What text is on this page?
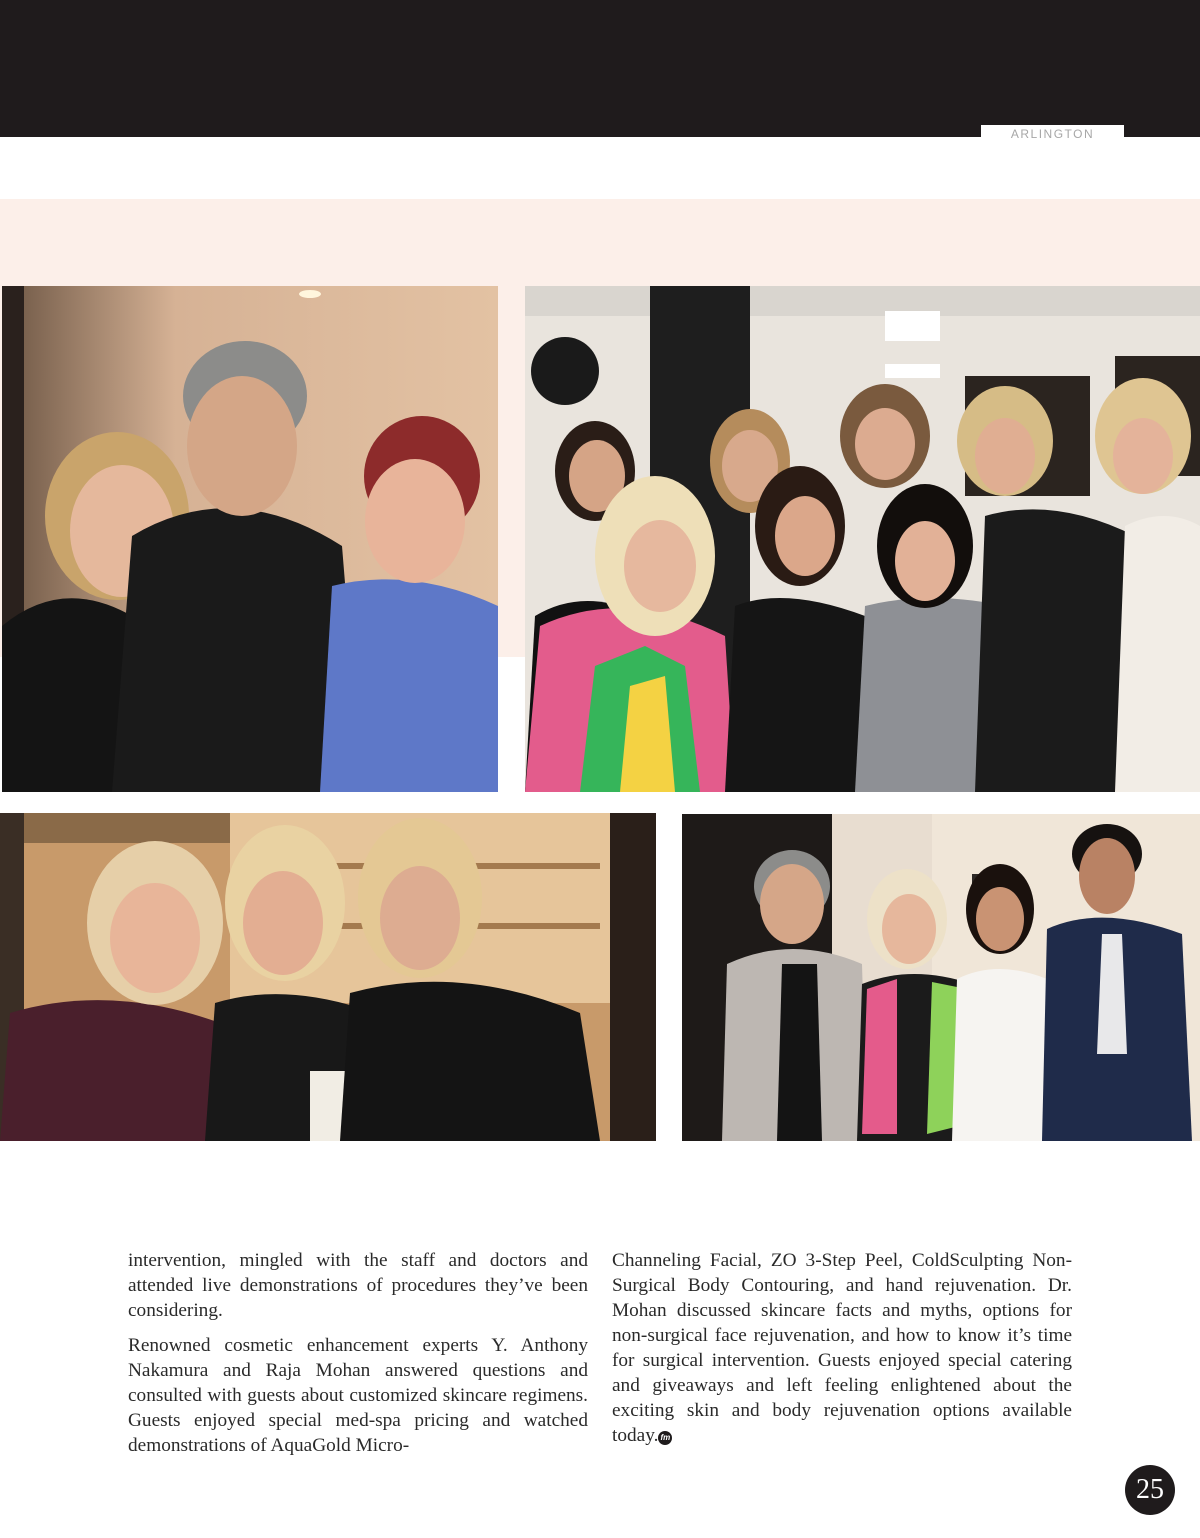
ARLINGTON

intervention, mingled with the staff and doctors and attended live demonstrations of procedures they’ve been considering.

Renowned cosmetic enhancement experts Y. Anthony Nakamura and Raja Mohan answered questions and consulted with guests about customized skincare regimens. Guests enjoyed special med-spa pricing and watched demonstrations of AquaGold Micro-

Channeling Facial, ZO 3-Step Peel, ColdSculpting Non-Surgical Body Contouring, and hand rejuvenation. Dr. Mohan discussed skincare facts and myths, options for non-surgical face rejuvenation, and how to know it’s time for surgical intervention. Guests enjoyed special catering and giveaways and left feeling enlightened about the exciting skin and body rejuvenation options available today. fm

25
